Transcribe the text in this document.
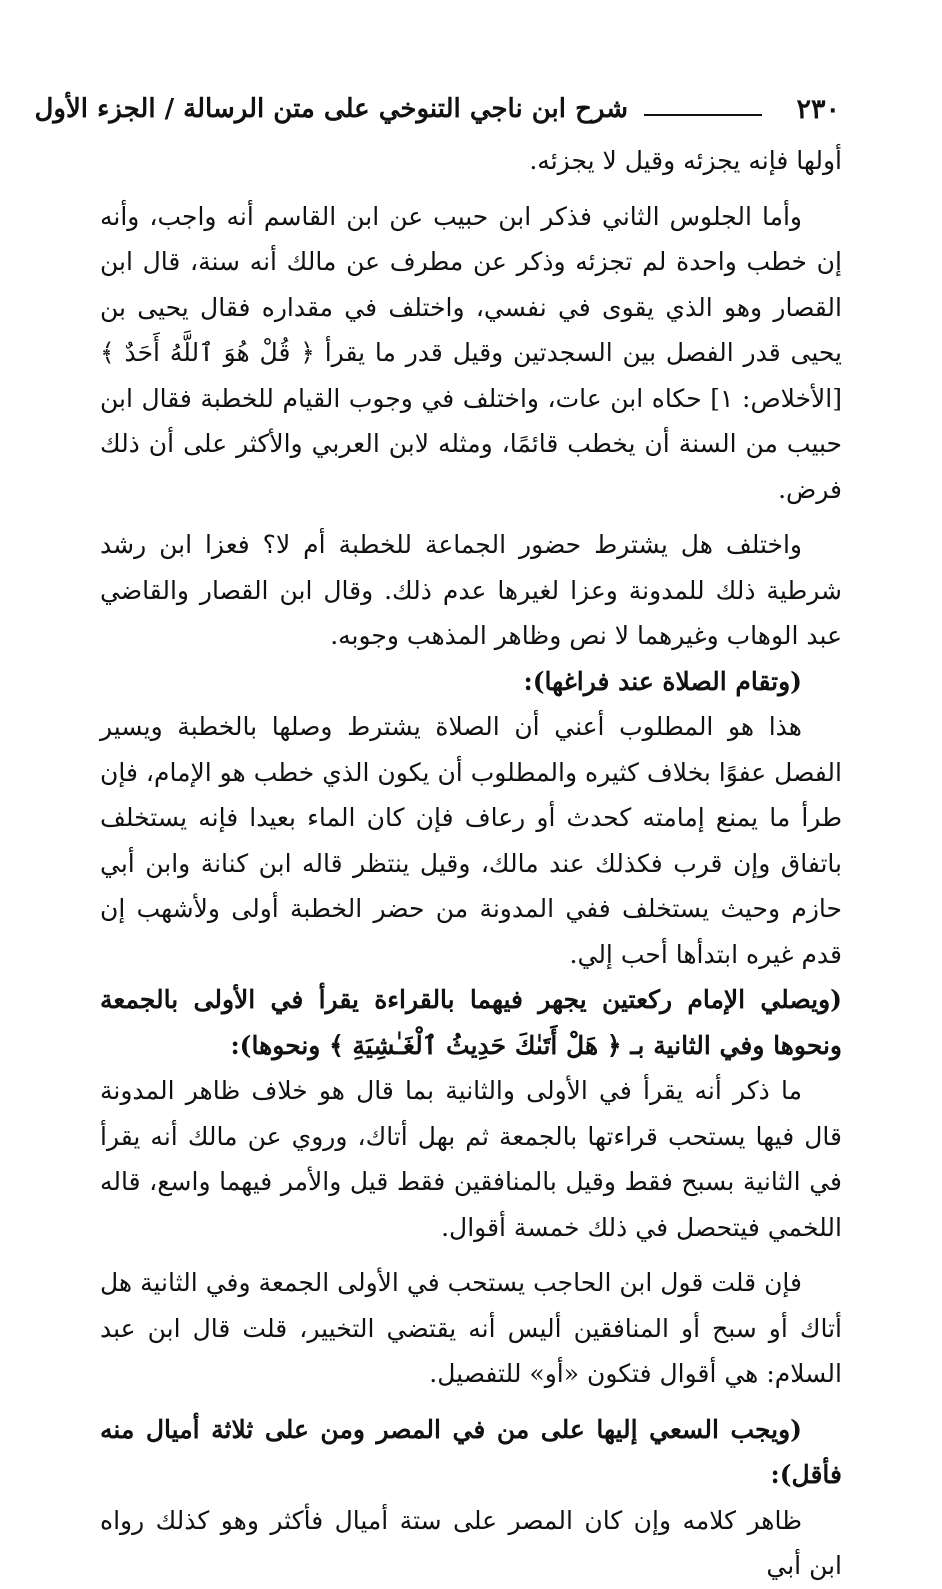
٢٣٠
شرح ابن ناجي التنوخي على متن الرسالة / الجزء الأول

أولها فإنه يجزئه وقيل لا يجزئه.

وأما الجلوس الثاني فذكر ابن حبيب عن ابن القاسم أنه واجب، وأنه إن خطب واحدة لم تجزئه وذكر عن مطرف عن مالك أنه سنة، قال ابن القصار وهو الذي يقوى في نفسي، واختلف في مقداره فقال يحيى بن يحيى قدر الفصل بين السجدتين وقيل قدر ما يقرأ ﴿ قُلْ هُوَ ٱللَّهُ أَحَدٌ ﴾ [الأخلاص: ١] حكاه ابن عات، واختلف في وجوب القيام للخطبة فقال ابن حبيب من السنة أن يخطب قائمًا، ومثله لابن العربي والأكثر على أن ذلك فرض.

واختلف هل يشترط حضور الجماعة للخطبة أم لا؟ فعزا ابن رشد شرطية ذلك للمدونة وعزا لغيرها عدم ذلك. وقال ابن القصار والقاضي عبد الوهاب وغيرهما لا نص وظاهر المذهب وجوبه.

(وتقام الصلاة عند فراغها):

هذا هو المطلوب أعني أن الصلاة يشترط وصلها بالخطبة ويسير الفصل عفوًا بخلاف كثيره والمطلوب أن يكون الذي خطب هو الإمام، فإن طرأ ما يمنع إمامته كحدث أو رعاف فإن كان الماء بعيدا فإنه يستخلف باتفاق وإن قرب فكذلك عند مالك، وقيل ينتظر قاله ابن كنانة وابن أبي حازم وحيث يستخلف ففي المدونة من حضر الخطبة أولى ولأشهب إن قدم غيره ابتدأها أحب إلي.

(ويصلي الإمام ركعتين يجهر فيهما بالقراءة يقرأ في الأولى بالجمعة ونحوها وفي الثانية بـ ﴿ هَلْ أَتَىٰكَ حَدِيثُ ٱلْغَـٰشِيَةِ ﴾ ونحوها):

ما ذكر أنه يقرأ في الأولى والثانية بما قال هو خلاف ظاهر المدونة قال فيها يستحب قراءتها بالجمعة ثم بهل أتاك، وروي عن مالك أنه يقرأ في الثانية بسبح فقط وقيل بالمنافقين فقط قيل والأمر فيهما واسع، قاله اللخمي فيتحصل في ذلك خمسة أقوال.

فإن قلت قول ابن الحاجب يستحب في الأولى الجمعة وفي الثانية هل أتاك أو سبح أو المنافقين أليس أنه يقتضي التخيير، قلت قال ابن عبد السلام: هي أقوال فتكون «أو» للتفصيل.

(ويجب السعي إليها على من في المصر ومن على ثلاثة أميال منه فأقل):

ظاهر كلامه وإن كان المصر على ستة أميال فأكثر وهو كذلك رواه ابن أبي
